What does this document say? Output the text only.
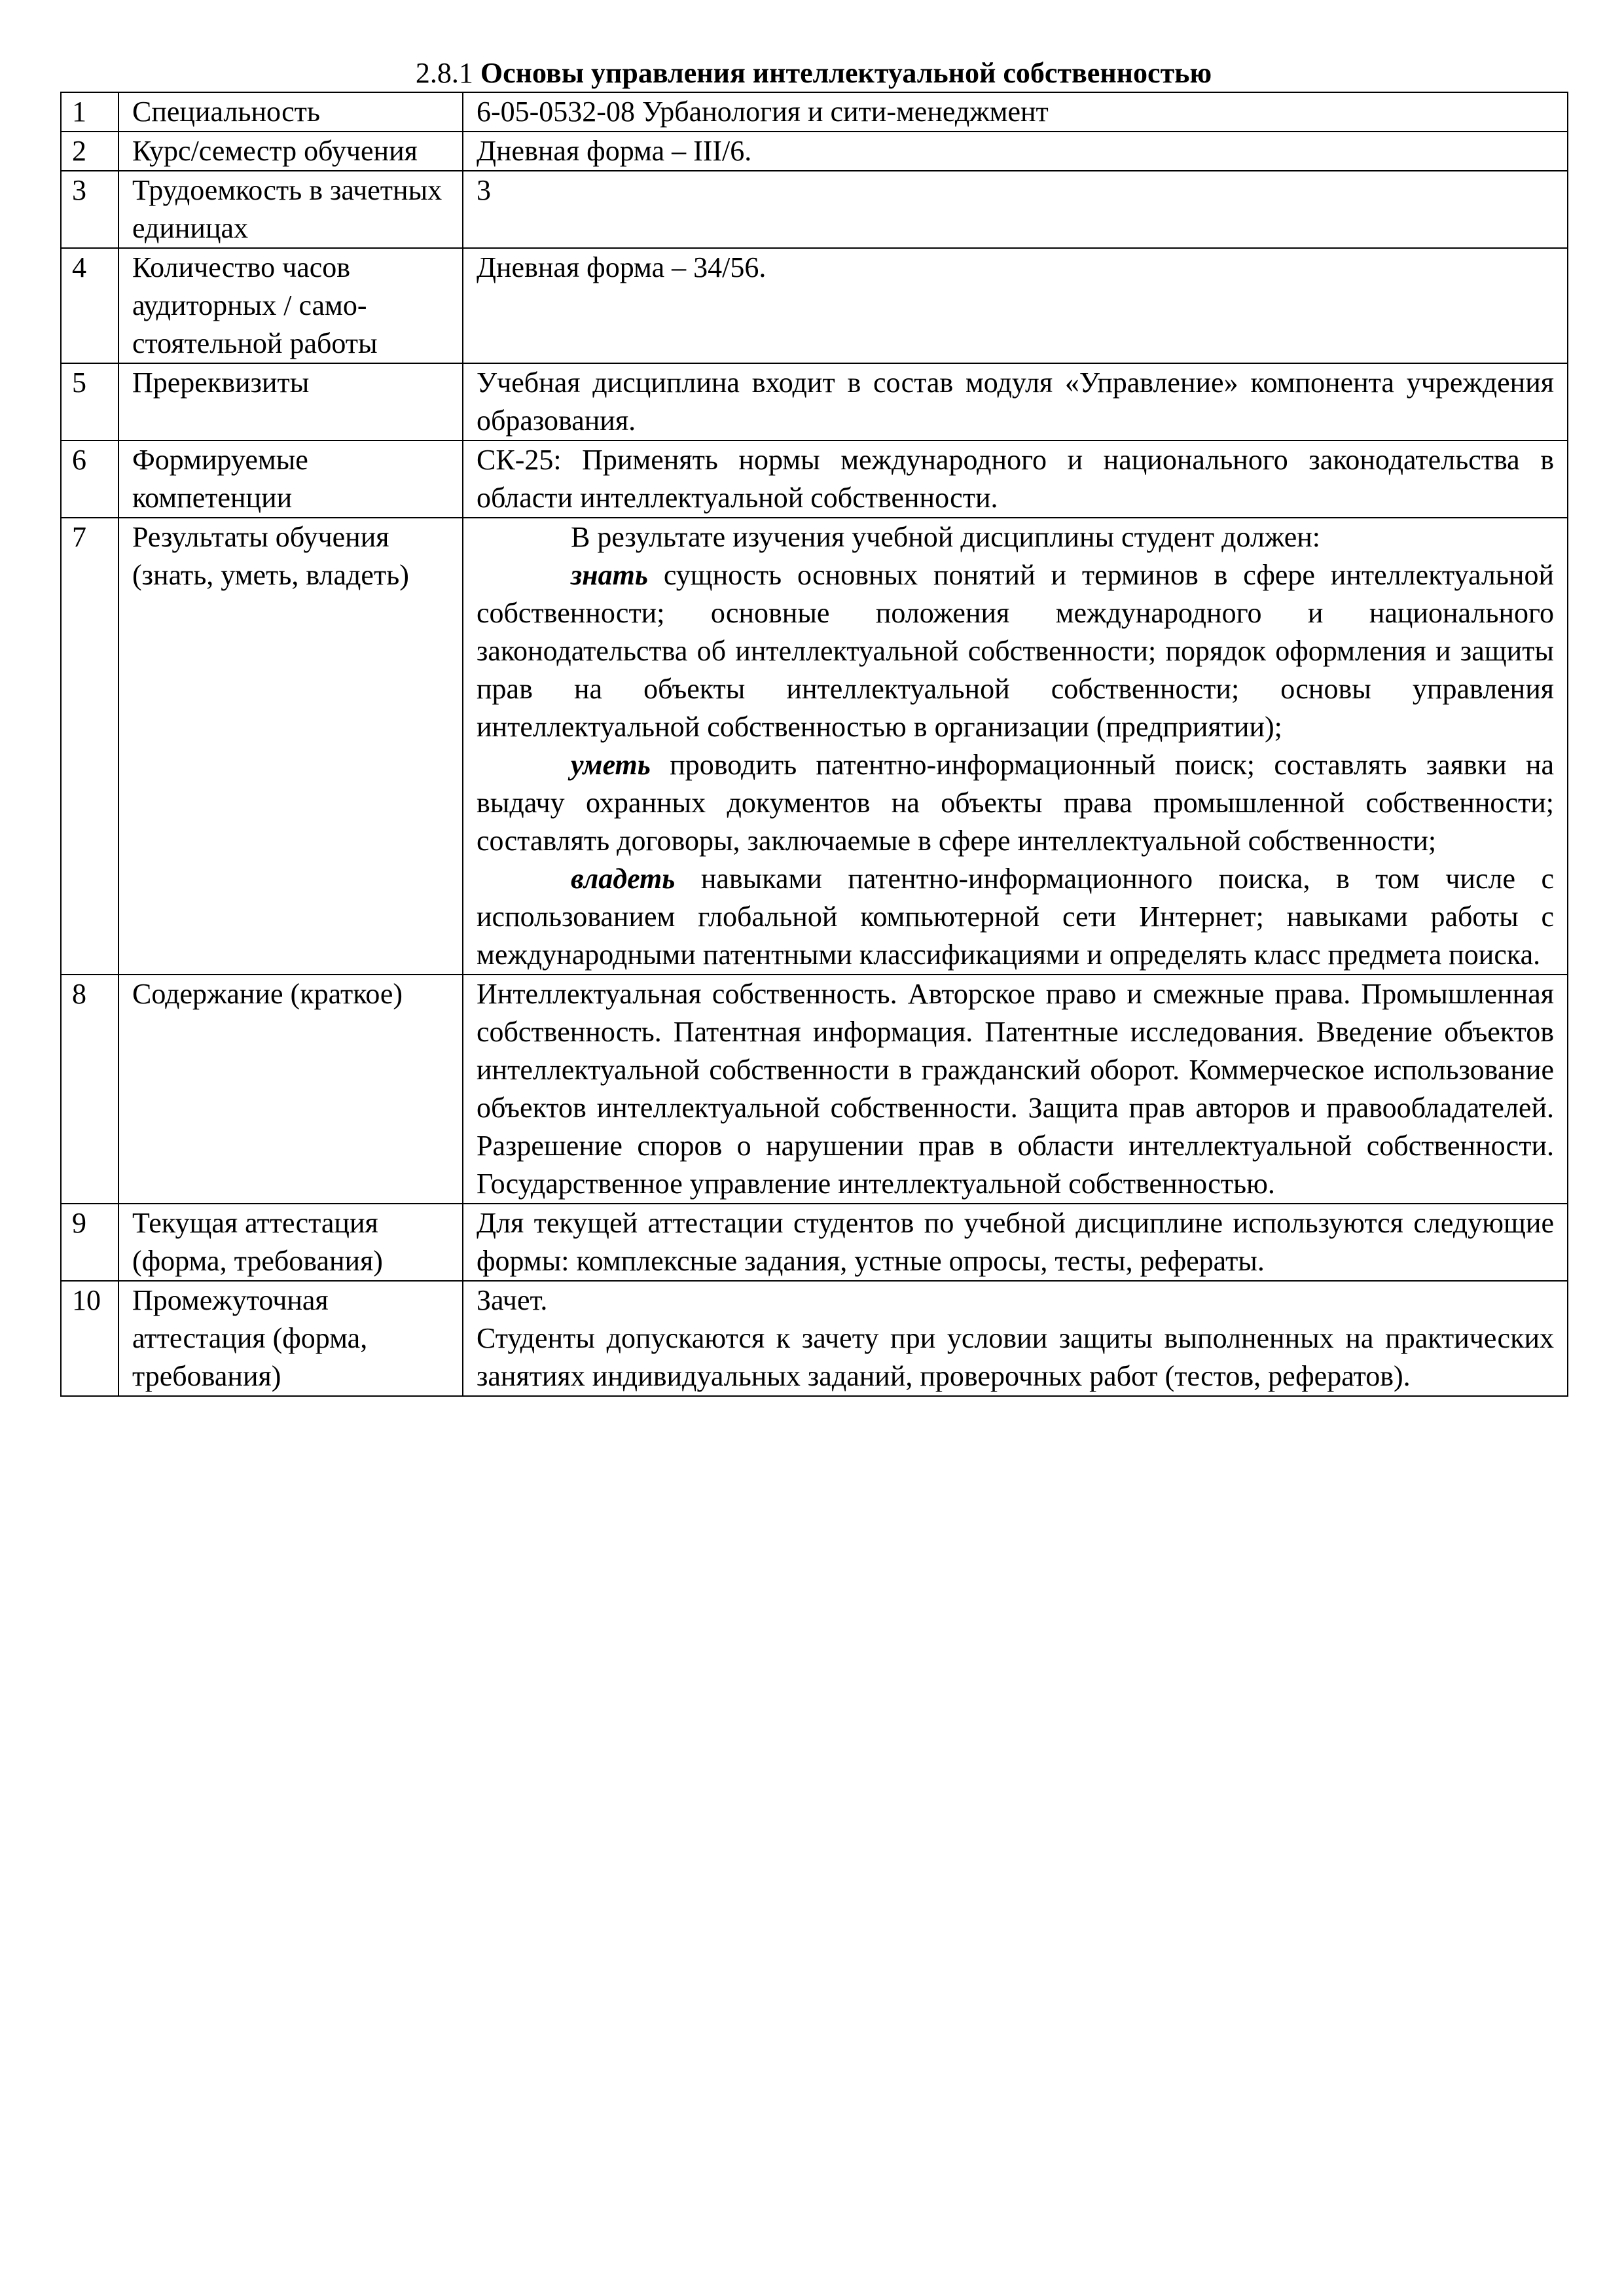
2.8.1 Основы управления интеллектуальной собственностью
1	Специальность	6-05-0532-08 Урбанология и сити-менеджмент
2	Курс/семестр обучения	Дневная форма – III/6.
3	Трудоемкость в зачетных единицах	3
4	Количество часов аудиторных / само-стоятельной работы	Дневная форма – 34/56.
5	Пререквизиты	Учебная дисциплина входит в состав модуля «Управление» компонента учреждения образования.
6	Формируемые компетенции	СК-25: Применять нормы международного и национального законодательства в области интеллектуальной собственности.
7	Результаты обучения (знать, уметь, владеть)	В результате изучения учебной дисциплины студент должен:

знать сущность основных понятий и терминов в сфере интеллектуальной собственности; основные положения международного и национального законодательства об интеллектуальной собственности; порядок оформления и защиты прав на объекты интеллектуальной собственности; основы управления интеллектуальной собственностью в организации (предприятии);

уметь проводить патентно-информационный поиск; составлять заявки на выдачу охранных документов на объекты права промышленной собственности; составлять договоры, заключаемые в сфере интеллектуальной собственности;

владеть навыками патентно-информационного поиска, в том числе с использованием глобальной компьютерной сети Интернет; навыками работы с международными патентными классификациями и определять класс предмета поиска.

8	Содержание (краткое)	Интеллектуальная собственность. Авторское право и смежные права. Промышленная собственность. Патентная информация. Патентные исследования. Введение объектов интеллектуальной собственности в гражданский оборот. Коммерческое использование объектов интеллектуальной собственности. Защита прав авторов и правообладателей. Разрешение споров о нарушении прав в области интеллектуальной собственности. Государственное управление интеллектуальной собственностью.
9	Текущая аттестация (форма, требования)	Для текущей аттестации студентов по учебной дисциплине используются следующие формы: комплексные задания, устные опросы, тесты, рефераты.
10	Промежуточная аттестация (форма, требования)	Зачет.

Студенты допускаются к зачету при условии защиты выполненных на практических занятиях индивидуальных заданий, проверочных работ (тестов, рефератов).
